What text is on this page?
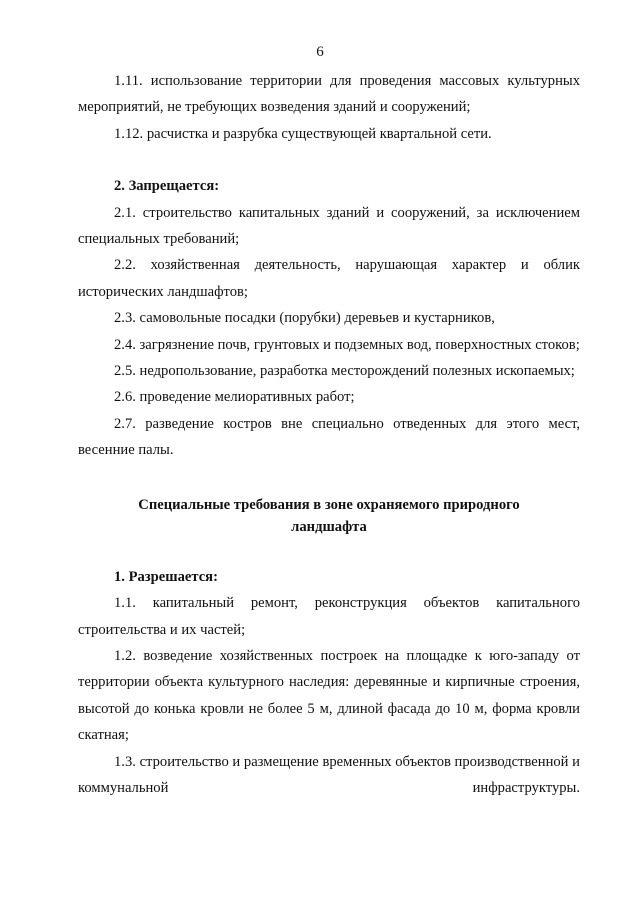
6

1.11. использование территории для проведения массовых культурных мероприятий, не требующих возведения зданий и сооружений;

1.12. расчистка и разрубка существующей квартальной сети.

2. Запрещается:

2.1. строительство капитальных зданий и сооружений, за исключением специальных требований;

2.2. хозяйственная деятельность, нарушающая характер и облик исторических ландшафтов;

2.3. самовольные посадки (порубки) деревьев и кустарников,

2.4. загрязнение почв, грунтовых и подземных вод, поверхностных стоков;

2.5. недропользование, разработка месторождений полезных ископаемых;

2.6. проведение мелиоративных работ;

2.7. разведение костров вне специально отведенных для этого мест, весенние палы.

Специальные требования в зоне охраняемого природного ландшафта

1. Разрешается:

1.1. капитальный ремонт, реконструкция объектов капитального строительства и их частей;

1.2. возведение хозяйственных построек на площадке к юго-западу от территории объекта культурного наследия: деревянные и кирпичные строения, высотой до конька кровли не более 5 м, длиной фасада до 10 м, форма кровли скатная;

1.3. строительство и размещение временных объектов производственной и коммунальной инфраструктуры.
